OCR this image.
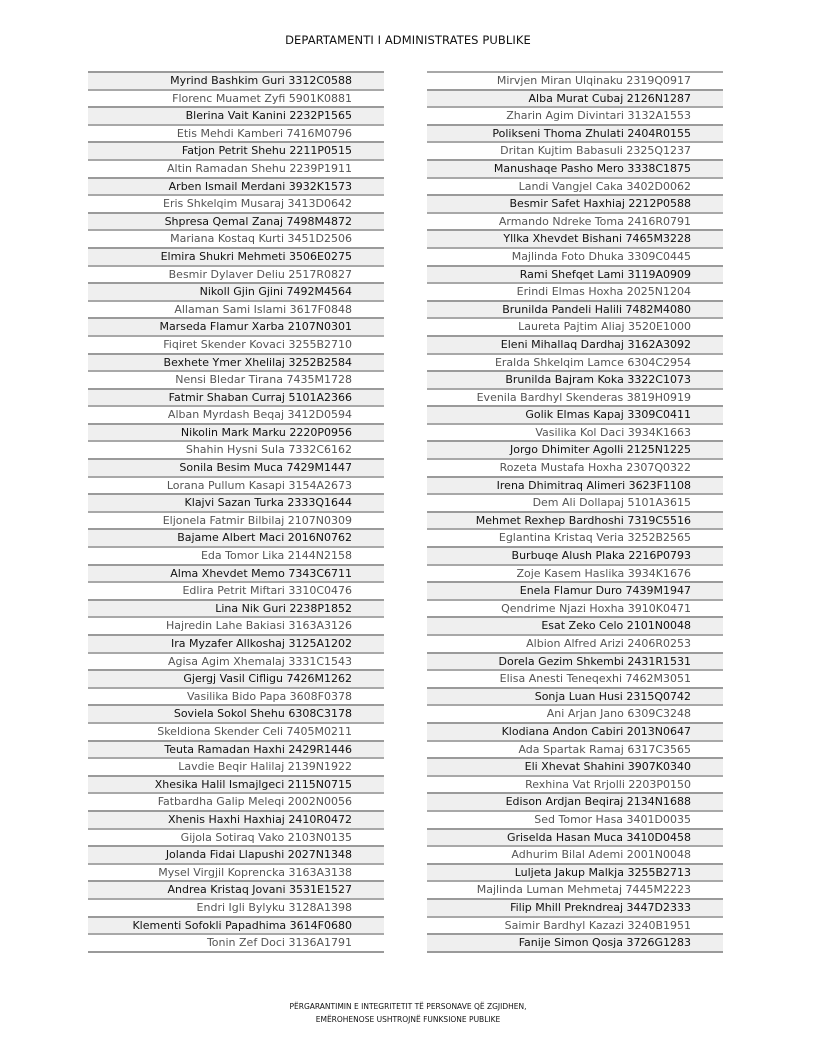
DEPARTAMENTI I ADMINISTRATES PUBLIKE
Myrind Bashkim Guri 3312C0588
Florenc Muamet Zyfi 5901K0881
Blerina Vait Kanini 2232P1565
Etis Mehdi Kamberi 7416M0796
Fatjon Petrit Shehu 2211P0515
Altin Ramadan Shehu 2239P1911
Arben Ismail Merdani 3932K1573
Eris Shkelqim Musaraj 3413D0642
Shpresa Qemal Zanaj 7498M4872
Mariana Kostaq Kurti 3451D2506
Elmira Shukri Mehmeti 3506E0275
Besmir Dylaver Deliu 2517R0827
Nikoll Gjin Gjini 7492M4564
Allaman Sami Islami 3617F0848
Marseda Flamur Xarba 2107N0301
Fiqiret Skender Kovaci 3255B2710
Bexhete Ymer Xhelilaj 3252B2584
Nensi Bledar Tirana 7435M1728
Fatmir Shaban Curraj 5101A2366
Alban Myrdash Beqaj 3412D0594
Nikolin Mark Marku 2220P0956
Shahin Hysni Sula 7332C6162
Sonila Besim Muca 7429M1447
Lorana Pullum Kasapi 3154A2673
Klajvi Sazan Turka 2333Q1644
Eljonela Fatmir Bilbilaj 2107N0309
Bajame Albert Maci 2016N0762
Eda Tomor Lika 2144N2158
Alma Xhevdet Memo 7343C6711
Edlira Petrit Miftari 3310C0476
Lina Nik Guri 2238P1852
Hajredin Lahe Bakiasi 3163A3126
Ira Myzafer Allkoshaj 3125A1202
Agisa Agim Xhemalaj 3331C1543
Gjergj Vasil Cifligu 7426M1262
Vasilika Bido Papa 3608F0378
Soviela Sokol Shehu 6308C3178
Skeldiona Skender Celi 7405M0211
Teuta Ramadan Haxhi 2429R1446
Lavdie Beqir Halilaj 2139N1922
Xhesika Halil Ismajlgeci 2115N0715
Fatbardha Galip Meleqi 2002N0056
Xhenis Haxhi Haxhiaj 2410R0472
Gijola Sotiraq Vako 2103N0135
Jolanda Fidai Llapushi 2027N1348
Mysel Virgjil Koprencka 3163A3138
Andrea Kristaq Jovani 3531E1527
Endri Igli Bylyku 3128A1398
Klementi Sofokli Papadhima 3614F0680
Tonin Zef Doci 3136A1791
Mirvjen Miran Ulqinaku 2319Q0917
Alba Murat Cubaj 2126N1287
Zharin Agim Divintari 3132A1553
Polikseni Thoma Zhulati 2404R0155
Dritan Kujtim Babasuli 2325Q1237
Manushaqe Pasho Mero 3338C1875
Landi Vangjel Caka 3402D0062
Besmir Safet Haxhiaj 2212P0588
Armando Ndreke Toma 2416R0791
Yllka Xhevdet Bishani 7465M3228
Majlinda Foto Dhuka 3309C0445
Rami Shefqet Lami 3119A0909
Erindi Elmas Hoxha 2025N1204
Brunilda Pandeli Halili 7482M4080
Laureta Pajtim Aliaj 3520E1000
Eleni Mihallaq Dardhaj 3162A3092
Eralda Shkelqim Lamce 6304C2954
Brunilda Bajram Koka 3322C1073
Evenila Bardhyl Skenderas 3819H0919
Golik Elmas Kapaj 3309C0411
Vasilika Kol Daci 3934K1663
Jorgo Dhimiter Agolli 2125N1225
Rozeta Mustafa Hoxha 2307Q0322
Irena Dhimitraq Alimeri 3623F1108
Dem Ali Dollapaj 5101A3615
Mehmet Rexhep Bardhoshi 7319C5516
Eglantina Kristaq Veria 3252B2565
Burbuqe Alush Plaka 2216P0793
Zoje Kasem Haslika 3934K1676
Enela Flamur Duro 7439M1947
Qendrime Njazi Hoxha 3910K0471
Esat Zeko Celo 2101N0048
Albion Alfred Arizi 2406R0253
Dorela Gezim Shkembi 2431R1531
Elisa Anesti Teneqexhi 7462M3051
Sonja Luan Husi 2315Q0742
Ani Arjan Jano 6309C3248
Klodiana Andon Cabiri 2013N0647
Ada Spartak Ramaj 6317C3565
Eli Xhevat Shahini 3907K0340
Rexhina Vat Rrjolli 2203P0150
Edison Ardjan Beqiraj 2134N1688
Sed Tomor Hasa 3401D0035
Griselda Hasan Muca 3410D0458
Adhurim Bilal Ademi 2001N0048
Luljeta Jakup Malkja 3255B2713
Majlinda Luman Mehmetaj 7445M2223
Filip Mhill Prekndreaj 3447D2333
Saimir Bardhyl Kazazi 3240B1951
Fanije Simon Qosja 3726G1283
PËRGARANTIMIN E INTEGRITETIT TË PERSONAVE QË ZGJIDHEN,
EMËROHENOSE USHTROJNË FUNKSIONE PUBLIKE
